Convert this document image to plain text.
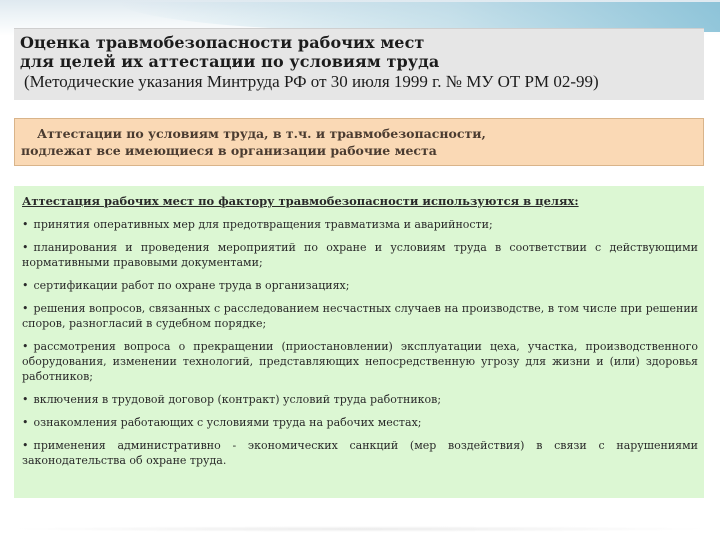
Оценка травмобезопасности рабочих мест
для целей их аттестации по условиям труда
(Методические указания Минтруда РФ от 30 июля 1999 г. № МУ ОТ РМ 02-99)
Аттестации по условиям труда, в т.ч. и травмобезопасности,
подлежат все имеющиеся в организации рабочие места
Аттестация рабочих мест по фактору травмобезопасности используются в целях:
• принятия оперативных мер для предотвращения травматизма и аварийности;
• планирования и проведения мероприятий по охране и условиям труда в соответствии с действующими нормативными правовыми документами;
• сертификации работ по охране труда в организациях;
• решения вопросов, связанных с расследованием несчастных случаев на производстве, в том числе при решении споров, разногласий в судебном порядке;
• рассмотрения вопроса о прекращении (приостановлении) эксплуатации цеха, участка, производственного оборудования, изменении технологий, представляющих непосредственную угрозу для жизни и (или) здоровья работников;
• включения в трудовой договор (контракт) условий труда работников;
• ознакомления работающих с условиями труда на рабочих местах;
• применения административно - экономических санкций (мер воздействия) в связи с нарушениями законодательства об охране труда.
